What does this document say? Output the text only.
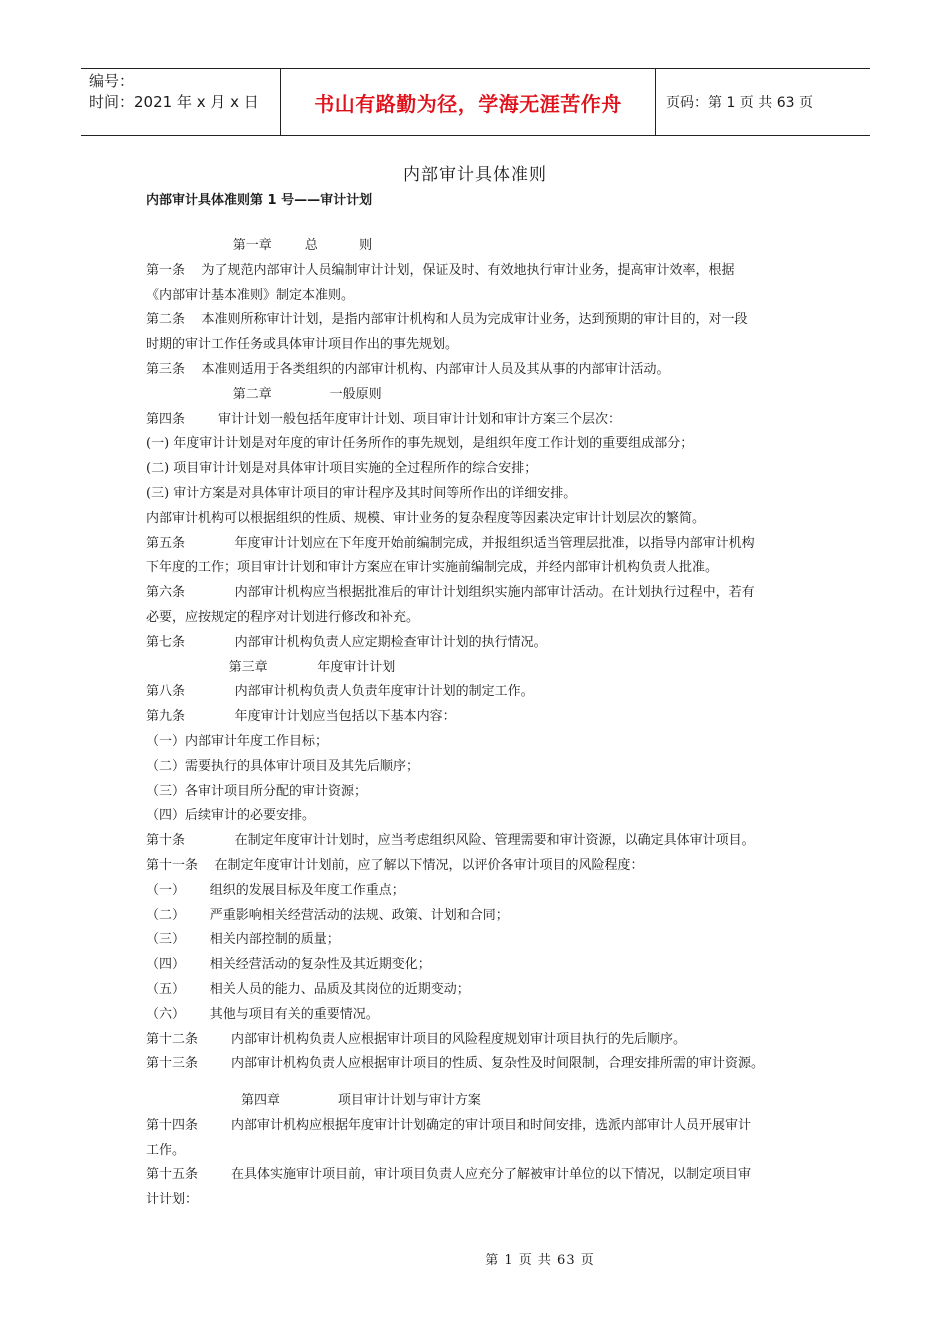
编号：
时间：2021 年 x 月 x 日	书山有路勤为径，学海无涯苦作舟	页码：第 1 页 共 63 页
内部审计具体准则
内部审计具体准则第 1 号——审计计划
第一章        总          则
第一条    为了规范内部审计人员编制审计计划，保证及时、有效地执行审计业务，提高审计效率，根据
《内部审计基本准则》制定本准则。
第二条    本准则所称审计计划，是指内部审计机构和人员为完成审计业务，达到预期的审计目的，对一段
时期的审计工作任务或具体审计项目作出的事先规划。
第三条    本准则适用于各类组织的内部审计机构、内部审计人员及其从事的内部审计活动。
第二章              一般原则
第四条        审计计划一般包括年度审计计划、项目审计计划和审计方案三个层次：
(一) 年度审计计划是对年度的审计任务所作的事先规划，是组织年度工作计划的重要组成部分；
(二) 项目审计计划是对具体审计项目实施的全过程所作的综合安排；
(三) 审计方案是对具体审计项目的审计程序及其时间等所作出的详细安排。
内部审计机构可以根据组织的性质、规模、审计业务的复杂程度等因素决定审计计划层次的繁简。
第五条            年度审计计划应在下年度开始前编制完成，并报组织适当管理层批准，以指导内部审计机构
下年度的工作；项目审计计划和审计方案应在审计实施前编制完成，并经内部审计机构负责人批准。
第六条            内部审计机构应当根据批准后的审计计划组织实施内部审计活动。在计划执行过程中，若有
必要，应按规定的程序对计划进行修改和补充。
第七条            内部审计机构负责人应定期检查审计计划的执行情况。
第三章            年度审计计划
第八条            内部审计机构负责人负责年度审计计划的制定工作。
第九条            年度审计计划应当包括以下基本内容：
（一）内部审计年度工作目标；
（二）需要执行的具体审计项目及其先后顺序；
（三）各审计项目所分配的审计资源；
（四）后续审计的必要安排。
第十条            在制定年度审计计划时，应当考虑组织风险、管理需要和审计资源，以确定具体审计项目。
第十一条    在制定年度审计计划前，应了解以下情况，以评价各审计项目的风险程度：
（一）      组织的发展目标及年度工作重点；
（二）      严重影响相关经营活动的法规、政策、计划和合同；
（三）      相关内部控制的质量；
（四）      相关经营活动的复杂性及其近期变化；
（五）      相关人员的能力、品质及其岗位的近期变动；
（六）      其他与项目有关的重要情况。
第十二条        内部审计机构负责人应根据审计项目的风险程度规划审计项目执行的先后顺序。
第十三条        内部审计机构负责人应根据审计项目的性质、复杂性及时间限制，合理安排所需的审计资源。
第四章              项目审计计划与审计方案
第十四条        内部审计机构应根据年度审计计划确定的审计项目和时间安排，选派内部审计人员开展审计
工作。
第十五条        在具体实施审计项目前，审计项目负责人应充分了解被审计单位的以下情况，以制定项目审
计计划：
第 1 页 共 63 页
